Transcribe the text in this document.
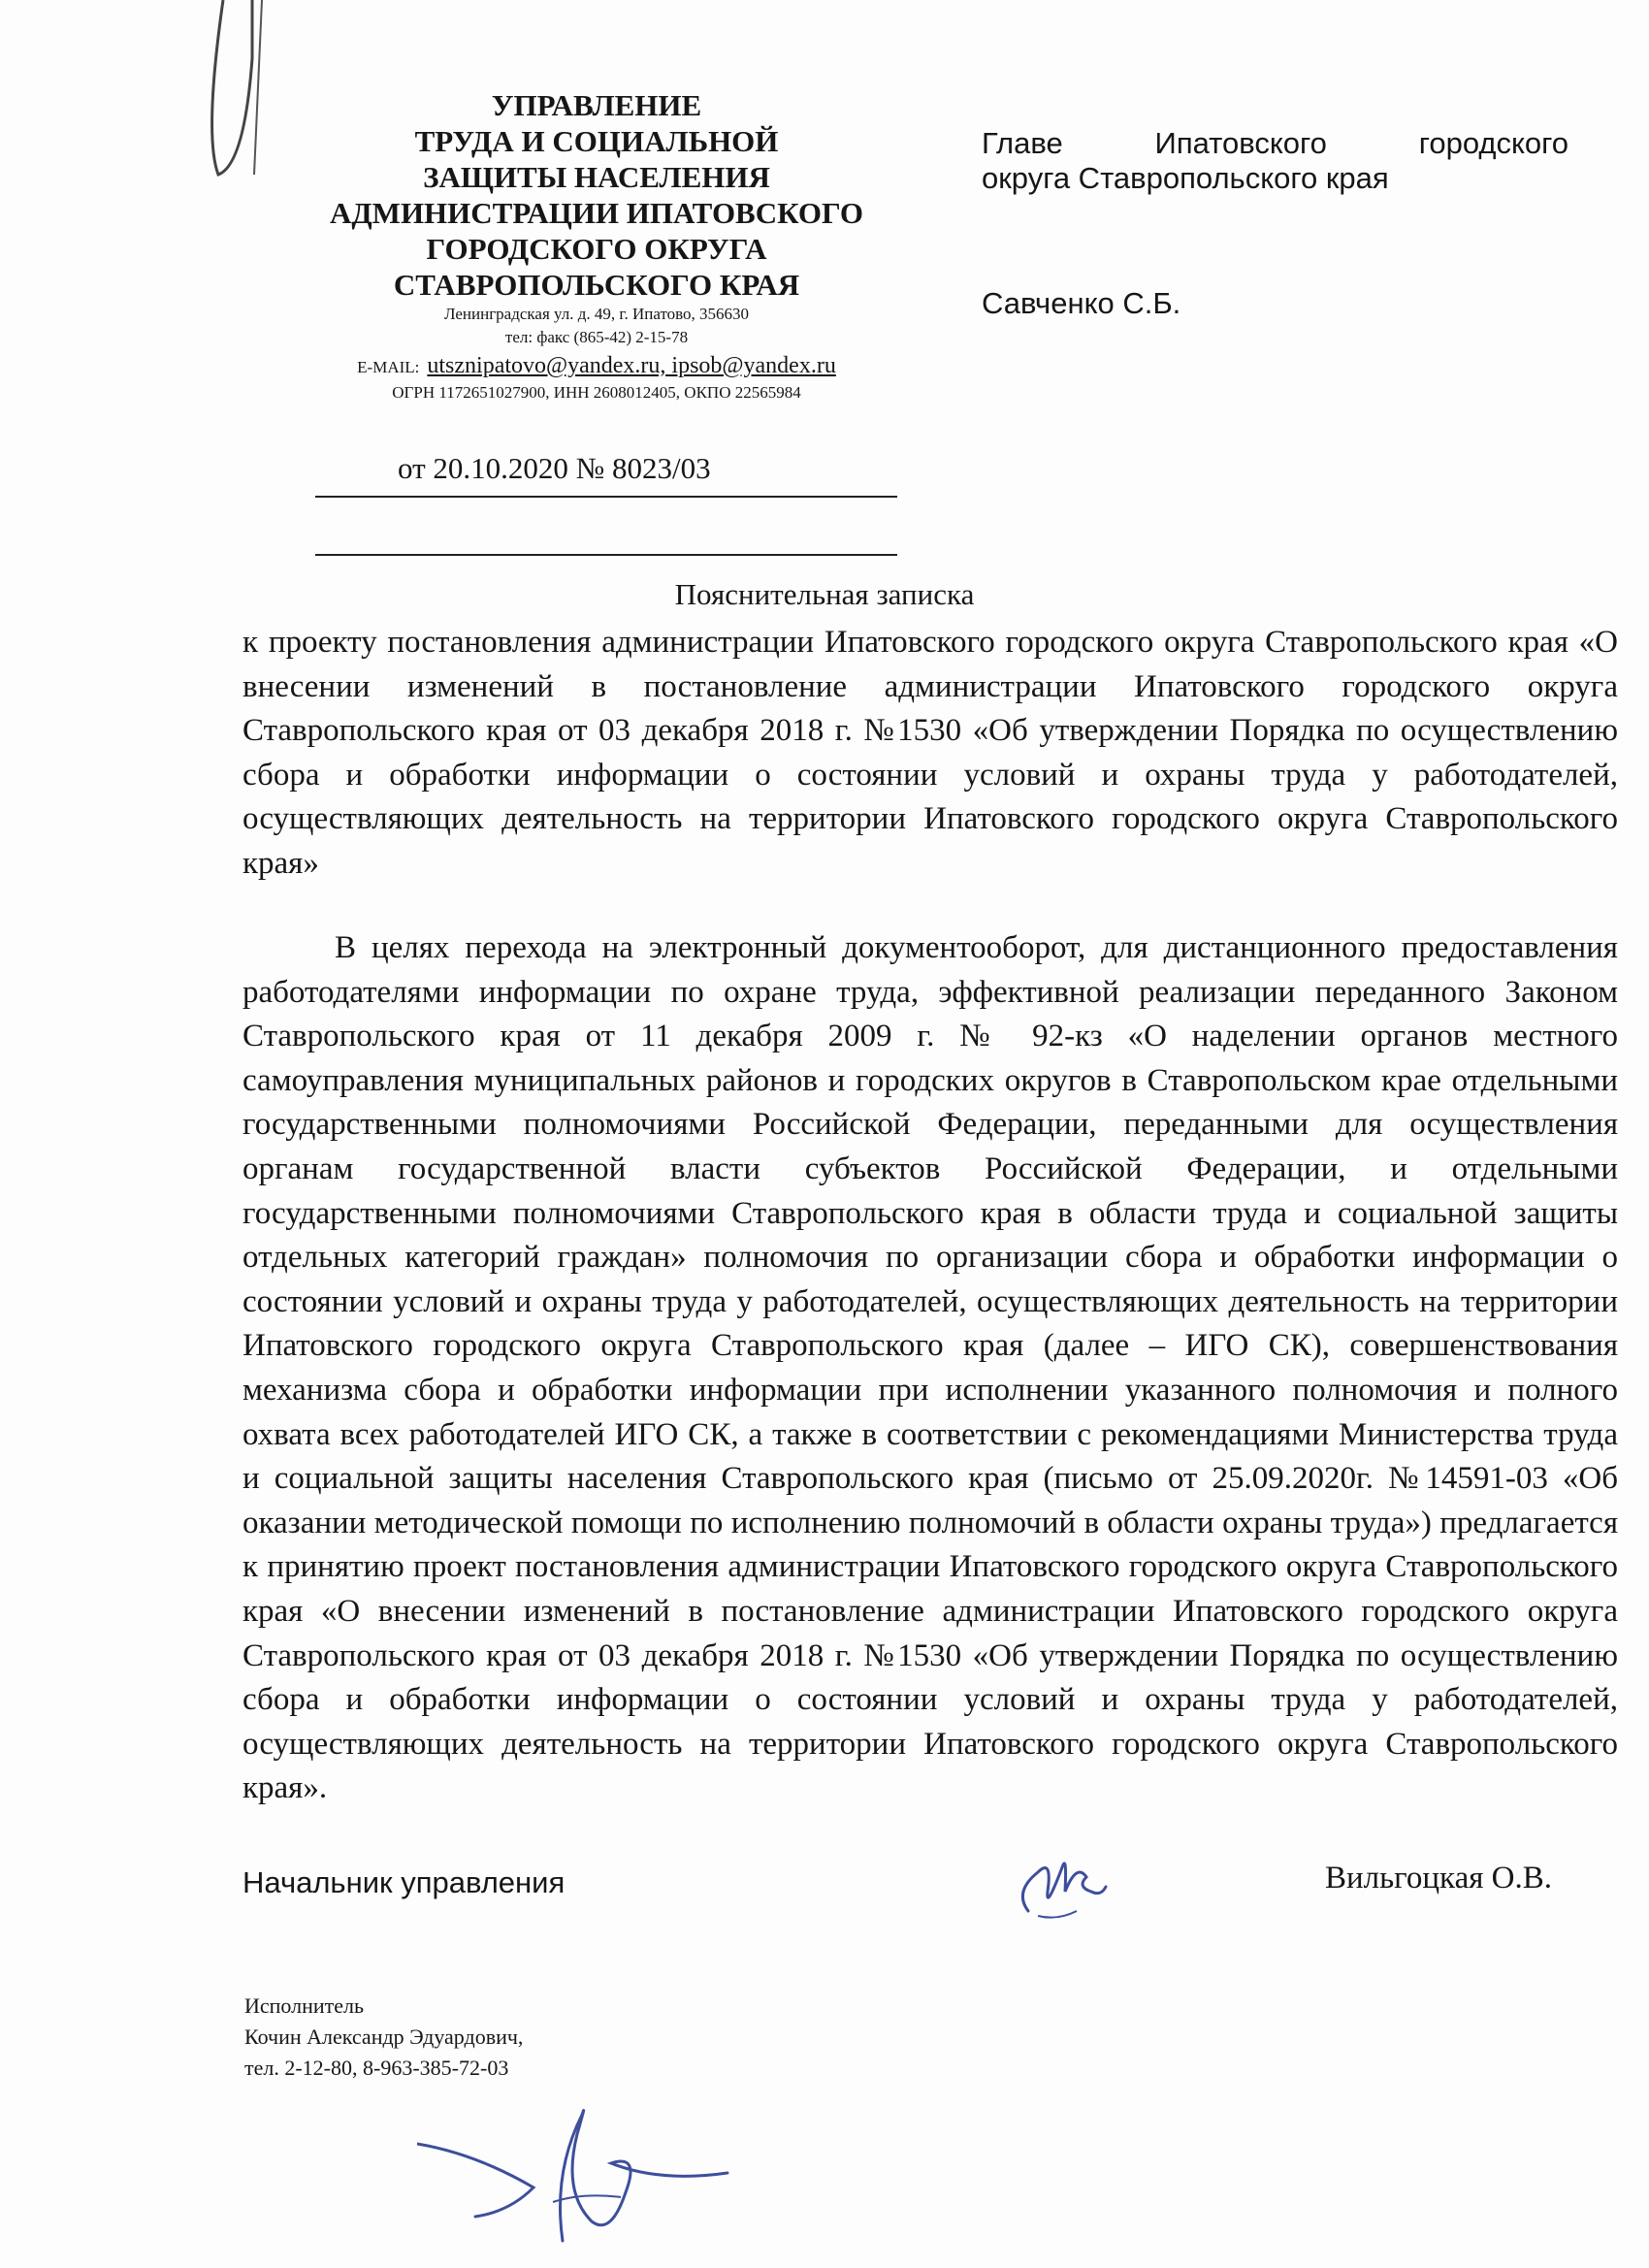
УПРАВЛЕНИЕ
ТРУДА И СОЦИАЛЬНОЙ
ЗАЩИТЫ НАСЕЛЕНИЯ
АДМИНИСТРАЦИИ ИПАТОВСКОГО
ГОРОДСКОГО ОКРУГА
СТАВРОПОЛЬСКОГО КРАЯ
Ленинградская ул. д. 49, г. Ипатово, 356630
тел: факс (865-42) 2-15-78
E-MAIL: utsznipatovo@yandex.ru, ipsob@yandex.ru
ОГРН 1172651027900, ИНН 2608012405, ОКПО 22565984
от 20.10.2020 № 8023/03
Главе Ипатовского городского
округа Ставропольского края
Савченко С.Б.
Пояснительная записка
к проекту постановления администрации Ипатовского городского округа Ставропольского края «О внесении изменений в постановление администрации Ипатовского городского округа Ставропольского края от 03 декабря 2018 г. №1530 «Об утверждении Порядка по осуществлению сбора и обработки информации о состоянии условий и охраны труда у работодателей, осуществляющих деятельность на территории Ипатовского городского округа Ставропольского края»
В целях перехода на электронный документооборот, для дистанционного предоставления работодателями информации по охране труда, эффективной реализации переданного Законом Ставропольского края от 11 декабря 2009 г. № 92-кз «О наделении органов местного самоуправления муниципальных районов и городских округов в Ставропольском крае отдельными государственными полномочиями Российской Федерации, переданными для осуществления органам государственной власти субъектов Российской Федерации, и отдельными государственными полномочиями Ставропольского края в области труда и социальной защиты отдельных категорий граждан» полномочия по организации сбора и обработки информации о состоянии условий и охраны труда у работодателей, осуществляющих деятельность на территории Ипатовского городского округа Ставропольского края (далее – ИГО СК), совершенствования механизма сбора и обработки информации при исполнении указанного полномочия и полного охвата всех работодателей ИГО СК, а также в соответствии с рекомендациями Министерства труда и социальной защиты населения Ставропольского края (письмо от 25.09.2020г. №14591-03 «Об оказании методической помощи по исполнению полномочий в области охраны труда») предлагается к принятию проект постановления администрации Ипатовского городского округа Ставропольского края «О внесении изменений в постановление администрации Ипатовского городского округа Ставропольского края от 03 декабря 2018 г. №1530 «Об утверждении Порядка по осуществлению сбора и обработки информации о состоянии условий и охраны труда у работодателей, осуществляющих деятельность на территории Ипатовского городского округа Ставропольского края».
Начальник управления	Вильгоцкая О.В.
Исполнитель
Кочин Александр Эдуардович,
тел. 2-12-80, 8-963-385-72-03
